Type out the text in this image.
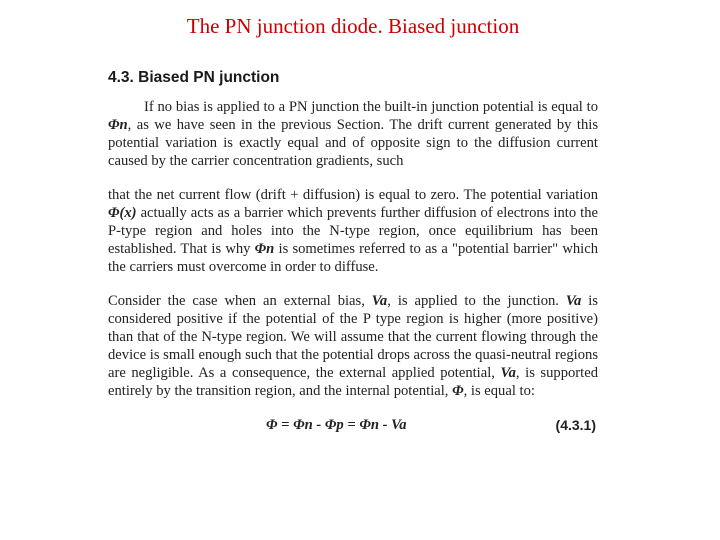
The PN junction diode. Biased junction
4.3. Biased PN junction

If no bias is applied to a PN junction the built-in junction potential is equal to Φn, as we have seen in the previous Section. The drift current generated by this potential variation is exactly equal and of opposite sign to the diffusion current caused by the carrier concentration gradients, such

that the net current flow (drift + diffusion) is equal to zero. The potential variation Φ(x) actually acts as a barrier which prevents further diffusion of electrons into the P-type region and holes into the N-type region, once equilibrium has been established. That is why Φn is sometimes referred to as a "potential barrier" which the carriers must overcome in order to diffuse.

Consider the case when an external bias, Va, is applied to the junction. Va is considered positive if the potential of the P type region is higher (more positive) than that of the N-type region. We will assume that the current flowing through the device is small enough such that the potential drops across the quasi-neutral regions are negligible. As a consequence, the external applied potential, Va, is supported entirely by the transition region, and the internal potential, Φ, is equal to:

Φ = Φn - Φp = Φn - Va	(4.3.1)
